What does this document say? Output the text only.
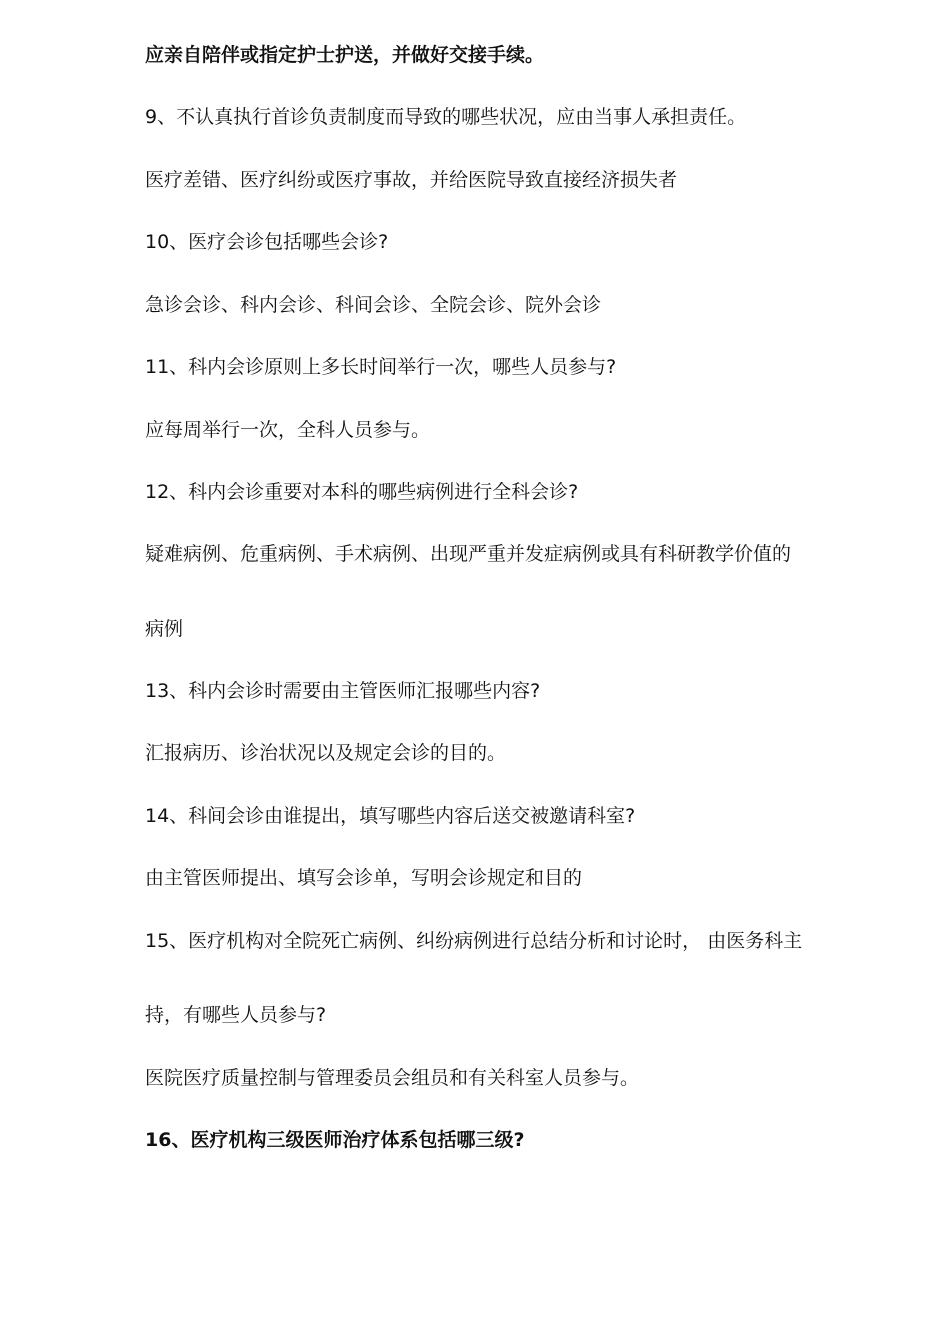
应亲自陪伴或指定护士护送，并做好交接手续。
9、不认真执行首诊负责制度而导致的哪些状况，应由当事人承担责任。
医疗差错、医疗纠纷或医疗事故，并给医院导致直接经济损失者
10、医疗会诊包括哪些会诊?
急诊会诊、科内会诊、科间会诊、全院会诊、院外会诊
11、科内会诊原则上多长时间举行一次，哪些人员参与?
应每周举行一次，全科人员参与。
12、科内会诊重要对本科的哪些病例进行全科会诊?
疑难病例、危重病例、手术病例、出现严重并发症病例或具有科研教学价值的
病例
13、科内会诊时需要由主管医师汇报哪些内容?
汇报病历、诊治状况以及规定会诊的目的。
14、科间会诊由谁提出，填写哪些内容后送交被邀请科室?
由主管医师提出、填写会诊单，写明会诊规定和目的
15、医疗机构对全院死亡病例、纠纷病例进行总结分析和讨论时， 由医务科主
持，有哪些人员参与?
医院医疗质量控制与管理委员会组员和有关科室人员参与。
16、医疗机构三级医师治疗体系包括哪三级?
